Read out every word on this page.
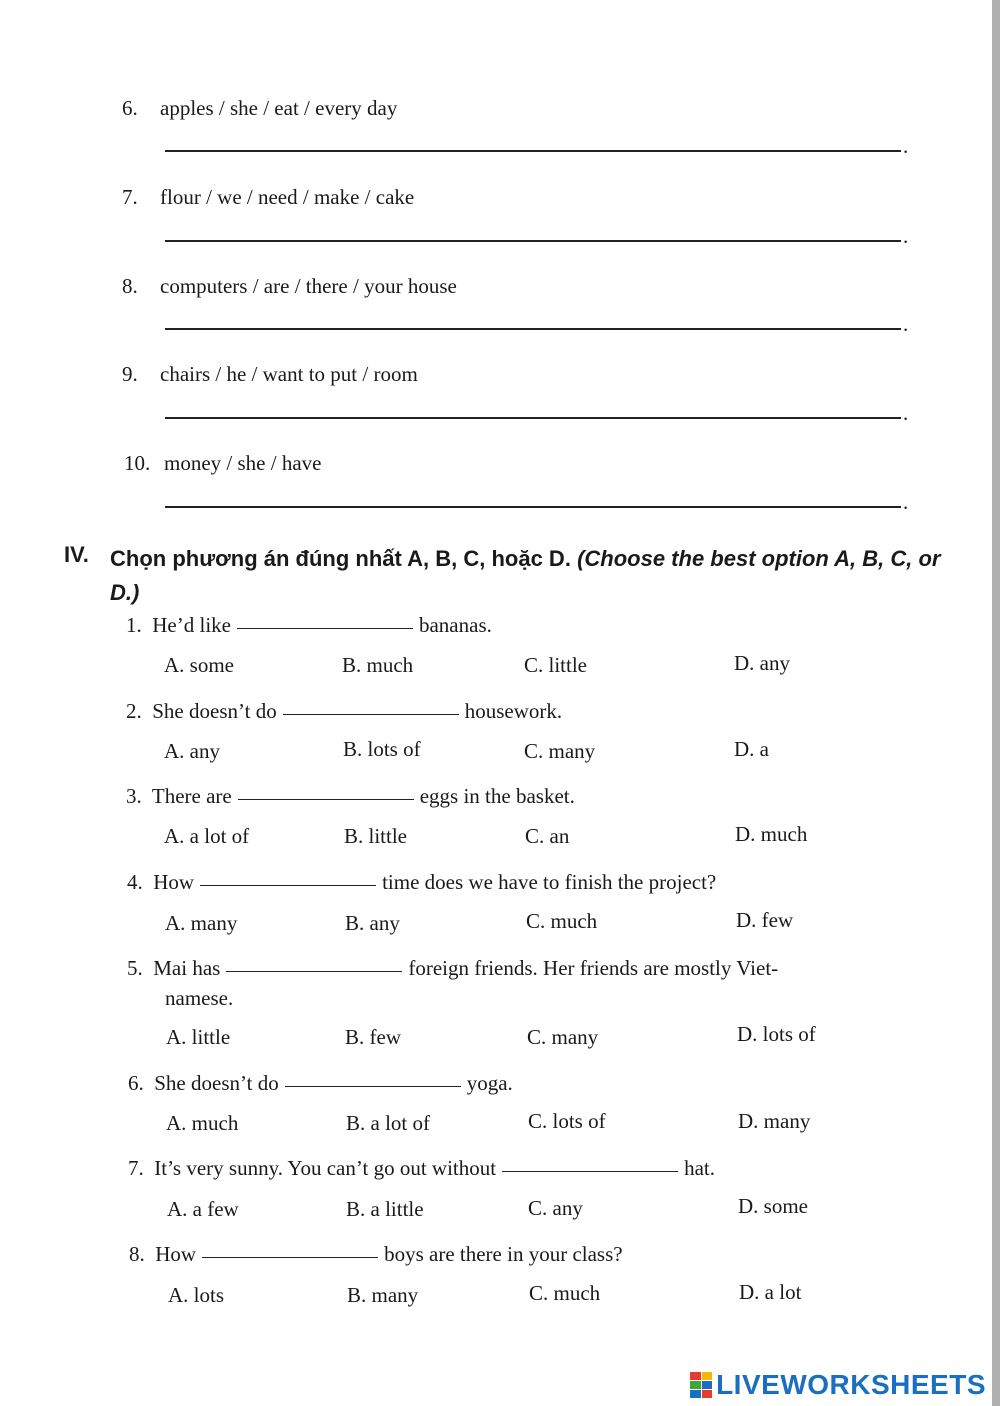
6. apples / she / eat / every day
.
7. flour / we / need / make / cake
.
8. computers / are / there / your house
.
9. chairs / he / want to put / room
.
10. money / she / have
.
IV. Chọn phương án đúng nhất A, B, C, hoặc D. (Choose the best option A, B, C, or D.)
1. He’d like	bananas.
A. some	B. much	C. little	D. any
2. She doesn’t do	housework.
A. any	B. lots of	C. many	D. a
3. There are	eggs in the basket.
A. a lot of	B. little	C. an	D. much
4. How	time does we have to finish the project?
A. many	B. any	C. much	D. few
5. Mai has	foreign friends. Her friends are mostly Viet-
namese.
A. little	B. few	C. many	D. lots of
6. She doesn’t do	yoga.
A. much	B. a lot of	C. lots of	D. many
7. It’s very sunny. You can’t go out without	hat.
A. a few	B. a little	C. any	D. some
8. How	boys are there in your class?
A. lots	B. many	C. much	D. a lot
LIVEWORKSHEETS
